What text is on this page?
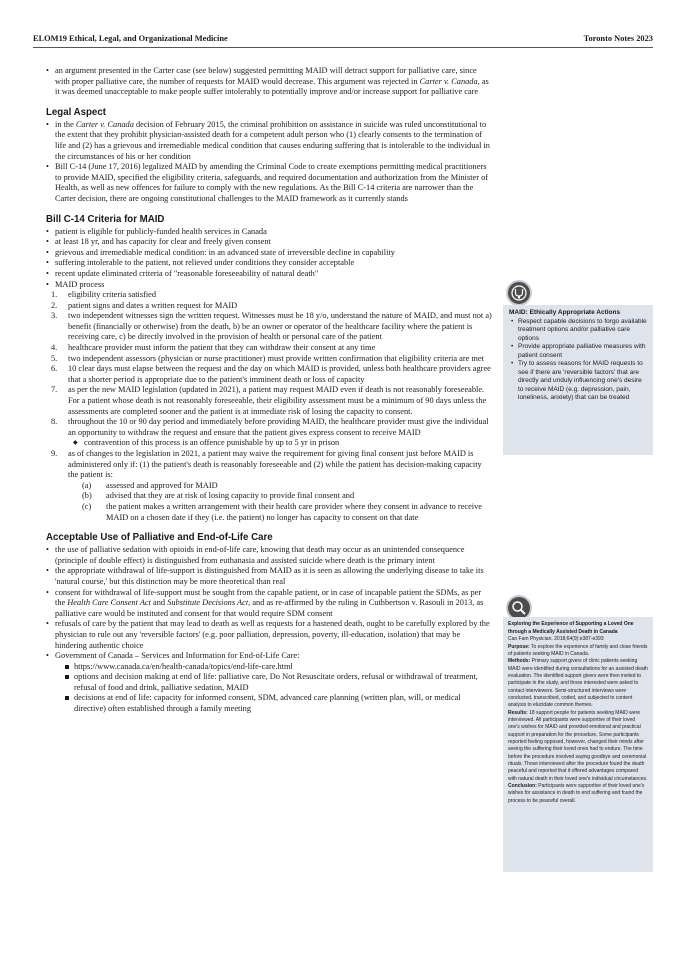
ELOM19 Ethical, Legal, and Organizational Medicine	Toronto Notes 2023
• an argument presented in the Carter case (see below) suggested permitting MAID will detract support for palliative care, since with proper palliative care, the number of requests for MAID would decrease. This argument was rejected in Carter v. Canada, as it was deemed unacceptable to make people suffer intolerably to potentially improve and/or increase support for palliative care
Legal Aspect
• in the Carter v. Canada decision of February 2015, the criminal prohibition on assistance in suicide was ruled unconstitutional to the extent that they prohibit physician-assisted death for a competent adult person who (1) clearly consents to the termination of life and (2) has a grievous and irremediable medical condition that causes enduring suffering that is intolerable to the individual in the circumstances of his or her condition
• Bill C-14 (June 17, 2016) legalized MAID by amending the Criminal Code to create exemptions permitting medical practitioners to provide MAID, specified the eligibility criteria, safeguards, and required documentation and authorization from the Minister of Health, as well as new offences for failure to comply with the new regulations. As the Bill C-14 criteria are narrower than the Carter decision, there are ongoing constitutional challenges to the MAID framework as it currently stands
Bill C-14 Criteria for MAID
• patient is eligible for publicly-funded health services in Canada
• at least 18 yr, and has capacity for clear and freely given consent
• grievous and irremediable medical condition: in an advanced state of irreversible decline in capability
• suffering intolerable to the patient, not relieved under conditions they consider acceptable
• recent update eliminated criteria of "reasonable foreseeability of natural death"
• MAID process
1. eligibility criteria satisfied
2. patient signs and dates a written request for MAID
3. two independent witnesses sign the written request. Witnesses must be 18 y/o, understand the nature of MAID, and must not a) benefit (financially or otherwise) from the death, b) be an owner or operator of the healthcare facility where the patient is receiving care, c) be directly involved in the provision of health or personal care of the patient
4. healthcare provider must inform the patient that they can withdraw their consent at any time
5. two independent assessors (physician or nurse practitioner) must provide written confirmation that eligibility criteria are met
6. 10 clear days must elapse between the request and the day on which MAID is provided, unless both healthcare providers agree that a shorter period is appropriate due to the patient's imminent death or loss of capacity
7. as per the new MAID legislation (updated in 2021), a patient may request MAID even if death is not reasonably foreseeable. For a patient whose death is not reasonably foreseeable, their eligibility assessment must be a minimum of 90 days unless the assessments are completed sooner and the patient is at immediate risk of losing the capacity to consent.
8. throughout the 10 or 90 day period and immediately before providing MAID, the healthcare provider must give the individual an opportunity to withdraw the request and ensure that the patient gives express consent to receive MAID
◆ contravention of this process is an offence punishable by up to 5 yr in prison
9. as of changes to the legislation in 2021, a patient may waive the requirement for giving final consent just before MAID is administered only if: (1) the patient's death is reasonably foreseeable and (2) while the patient has decision-making capacity the patient is:
(a) assessed and approved for MAID
(b) advised that they are at risk of losing capacity to provide final consent and
(c) the patient makes a written arrangement with their health care provider where they consent in advance to receive MAID on a chosen date if they (i.e. the patient) no longer has capacity to consent on that date
Acceptable Use of Palliative and End-of-Life Care
• the use of palliative sedation with opioids in end-of-life care, knowing that death may occur as an unintended consequence (principle of double effect) is distinguished from euthanasia and assisted suicide where death is the primary intent
• the appropriate withdrawal of life-support is distinguished from MAID as it is seen as allowing the underlying disease to take its 'natural course,' but this distinction may be more theoretical than real
• consent for withdrawal of life-support must be sought from the capable patient, or in case of incapable patient the SDMs, as per the Health Care Consent Act and Substitute Decisions Act, and as re-affirmed by the ruling in Cuthbertson v. Rasouli in 2013, as palliative care would be instituted and consent for that would require SDM consent
• refusals of care by the patient that may lead to death as well as requests for a hastened death, ought to be carefully explored by the physician to rule out any 'reversible factors' (e.g. poor palliation, depression, poverty, ill-education, isolation) that may be hindering authentic choice
• Government of Canada – Services and Information for End-of-Life Care:
https://www.canada.ca/en/health-canada/topics/end-life-care.html
options and decision making at end of life: palliative care, Do Not Resuscitate orders, refusal or withdrawal of treatment, refusal of food and drink, palliative sedation, MAID
decisions at end of life: capacity for informed consent, SDM, advanced care planning (written plan, will, or medical directive) often established through a family meeting
MAID: Ethically Appropriate Actions
• Respect capable decisions to forgo available treatment options and/or palliative care options
• Provide appropriate palliative measures with patient consent
• Try to assess reasons for MAID requests to see if there are 'reversible factors' that are directly and unduly influencing one's desire to receive MAID (e.g. depression, pain, loneliness, anxiety) that can be treated
Exploring the Experience of Supporting a Loved One through a Medically Assisted Death in Canada
Can Fam Physician. 2018;64(9):e387-e393
Purpose: To explore the experience of family and close friends of patients seeking MAID in Canada.
Methods: Primary support givers of clinic patients seeking MAID were identified during consultations for an assisted death evaluation. The identified support givers were then invited to participate in the study, and those interested were asked to contact interviewers. Semi-structured interviews were conducted, transcribed, coded, and subjected to content analysis to elucidate common themes.
Results: 18 support people for patients seeking MAID were interviewed. All participants were supportive of their loved one's wishes for MAID and provided emotional and practical support in preparation for the procedure. Some participants reported feeling opposed, however, changed their minds after seeing the suffering their loved ones had to endure. The time before the procedure involved saying goodbye and ceremonial rituals. Those interviewed after the procedure found the death peaceful and reported that it offered advantages compared with natural death in their loved one's individual circumstances.
Conclusion: Participants were supportive of their loved one's wishes for assistance in death to end suffering and found the process to be peaceful overall.
